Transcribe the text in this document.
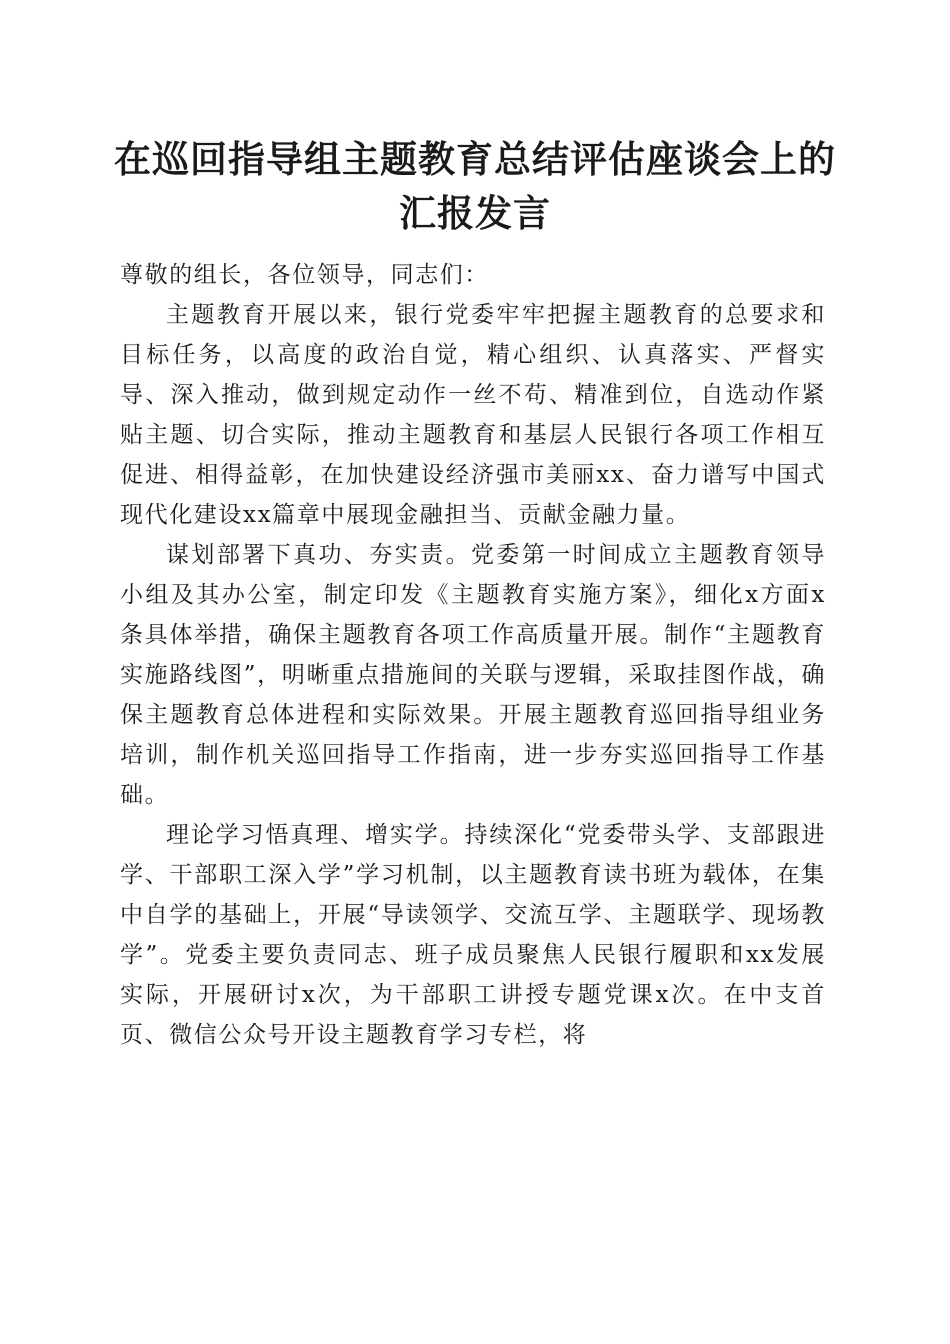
在巡回指导组主题教育总结评估座谈会上的汇报发言

尊敬的组长，各位领导，同志们：

主题教育开展以来，银行党委牢牢把握主题教育的总要求和目标任务，以高度的政治自觉，精心组织、认真落实、严督实导、深入推动，做到规定动作一丝不苟、精准到位，自选动作紧贴主题、切合实际，推动主题教育和基层人民银行各项工作相互促进、相得益彰，在加快建设经济强市美丽xx、奋力谱写中国式现代化建设xx篇章中展现金融担当、贡献金融力量。

谋划部署下真功、夯实责。党委第一时间成立主题教育领导小组及其办公室，制定印发《主题教育实施方案》，细化x方面x条具体举措，确保主题教育各项工作高质量开展。制作“主题教育实施路线图”，明晰重点措施间的关联与逻辑，采取挂图作战，确保主题教育总体进程和实际效果。开展主题教育巡回指导组业务培训，制作机关巡回指导工作指南，进一步夯实巡回指导工作基础。

理论学习悟真理、增实学。持续深化“党委带头学、支部跟进学、干部职工深入学”学习机制，以主题教育读书班为载体，在集中自学的基础上，开展“导读领学、交流互学、主题联学、现场教学”。党委主要负责同志、班子成员聚焦人民银行履职和xx发展实际，开展研讨x次，为干部职工讲授专题党课x次。在中支首页、微信公众号开设主题教育学习专栏，将
